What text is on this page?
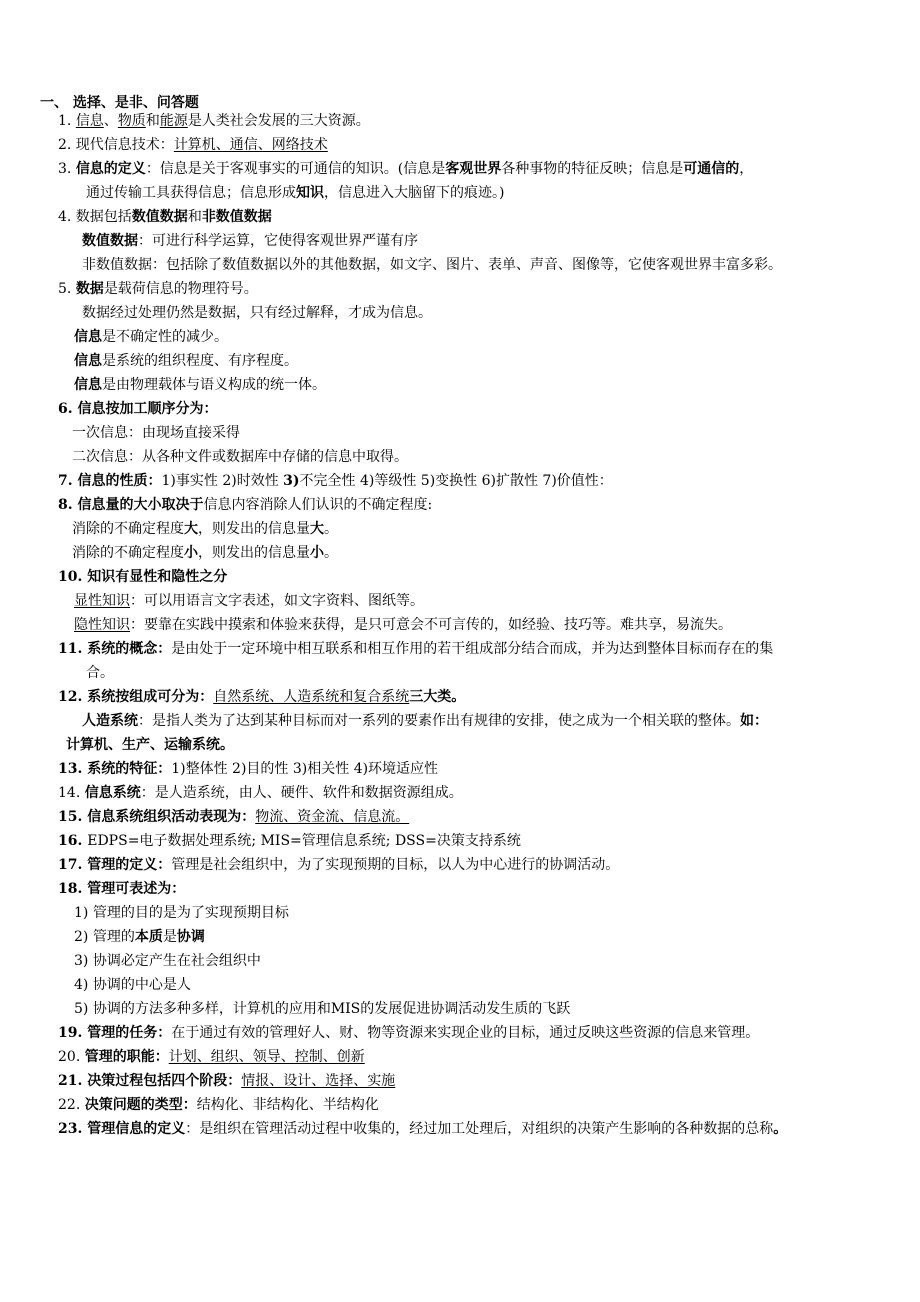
一、 选择、是非、问答题
1. 信息、物质和能源是人类社会发展的三大资源。
2. 现代信息技术：计算机、通信、网络技术
3. 信息的定义：信息是关于客观事实的可通信的知识。(信息是客观世界各种事物的特征反映；信息是可通信的，
通过传输工具获得信息；信息形成知识，信息进入大脑留下的痕迹。)
4. 数据包括数值数据和非数值数据
数值数据：可进行科学运算，它使得客观世界严谨有序
非数值数据：包括除了数值数据以外的其他数据，如文字、图片、表单、声音、图像等，它使客观世界丰富多彩。
5. 数据是载荷信息的物理符号。
数据经过处理仍然是数据，只有经过解释，才成为信息。
信息是不确定性的减少。
信息是系统的组织程度、有序程度。
信息是由物理载体与语义构成的统一体。
6. 信息按加工顺序分为：
一次信息：由现场直接采得
二次信息：从各种文件或数据库中存储的信息中取得。
7. 信息的性质：1)事实性 2)时效性 3)不完全性 4)等级性 5)变换性 6)扩散性 7)价值性：
8. 信息量的大小取决于信息内容消除人们认识的不确定程度:
消除的不确定程度大，则发出的信息量大。
消除的不确定程度小，则发出的信息量小。
10. 知识有显性和隐性之分
显性知识：可以用语言文字表述，如文字资料、图纸等。
隐性知识：要靠在实践中摸索和体验来获得，是只可意会不可言传的，如经验、技巧等。难共享，易流失。
11. 系统的概念：是由处于一定环境中相互联系和相互作用的若干组成部分结合而成，并为达到整体目标而存在的集
合。
12. 系统按组成可分为：自然系统、人造系统和复合系统三大类。
人造系统：是指人类为了达到某种目标而对一系列的要素作出有规律的安排，使之成为一个相关联的整体。如：
计算机、生产、运输系统。
13. 系统的特征：1)整体性 2)目的性 3)相关性 4)环境适应性
14. 信息系统：是人造系统，由人、硬件、软件和数据资源组成。
15. 信息系统组织活动表现为：物流、资金流、信息流。
16. EDPS=电子数据处理系统; MIS=管理信息系统; DSS=决策支持系统
17. 管理的定义：管理是社会组织中，为了实现预期的目标，以人为中心进行的协调活动。
18. 管理可表述为：
1) 管理的目的是为了实现预期目标
2) 管理的本质是协调
3) 协调必定产生在社会组织中
4) 协调的中心是人
5) 协调的方法多种多样，计算机的应用和MIS的发展促进协调活动发生质的飞跃
19. 管理的任务：在于通过有效的管理好人、财、物等资源来实现企业的目标，通过反映这些资源的信息来管理。
20. 管理的职能：计划、组织、领导、控制、创新
21. 决策过程包括四个阶段：情报、设计、选择、实施
22. 决策问题的类型：结构化、非结构化、半结构化
23. 管理信息的定义：是组织在管理活动过程中收集的，经过加工处理后，对组织的决策产生影响的各种数据的总称。
